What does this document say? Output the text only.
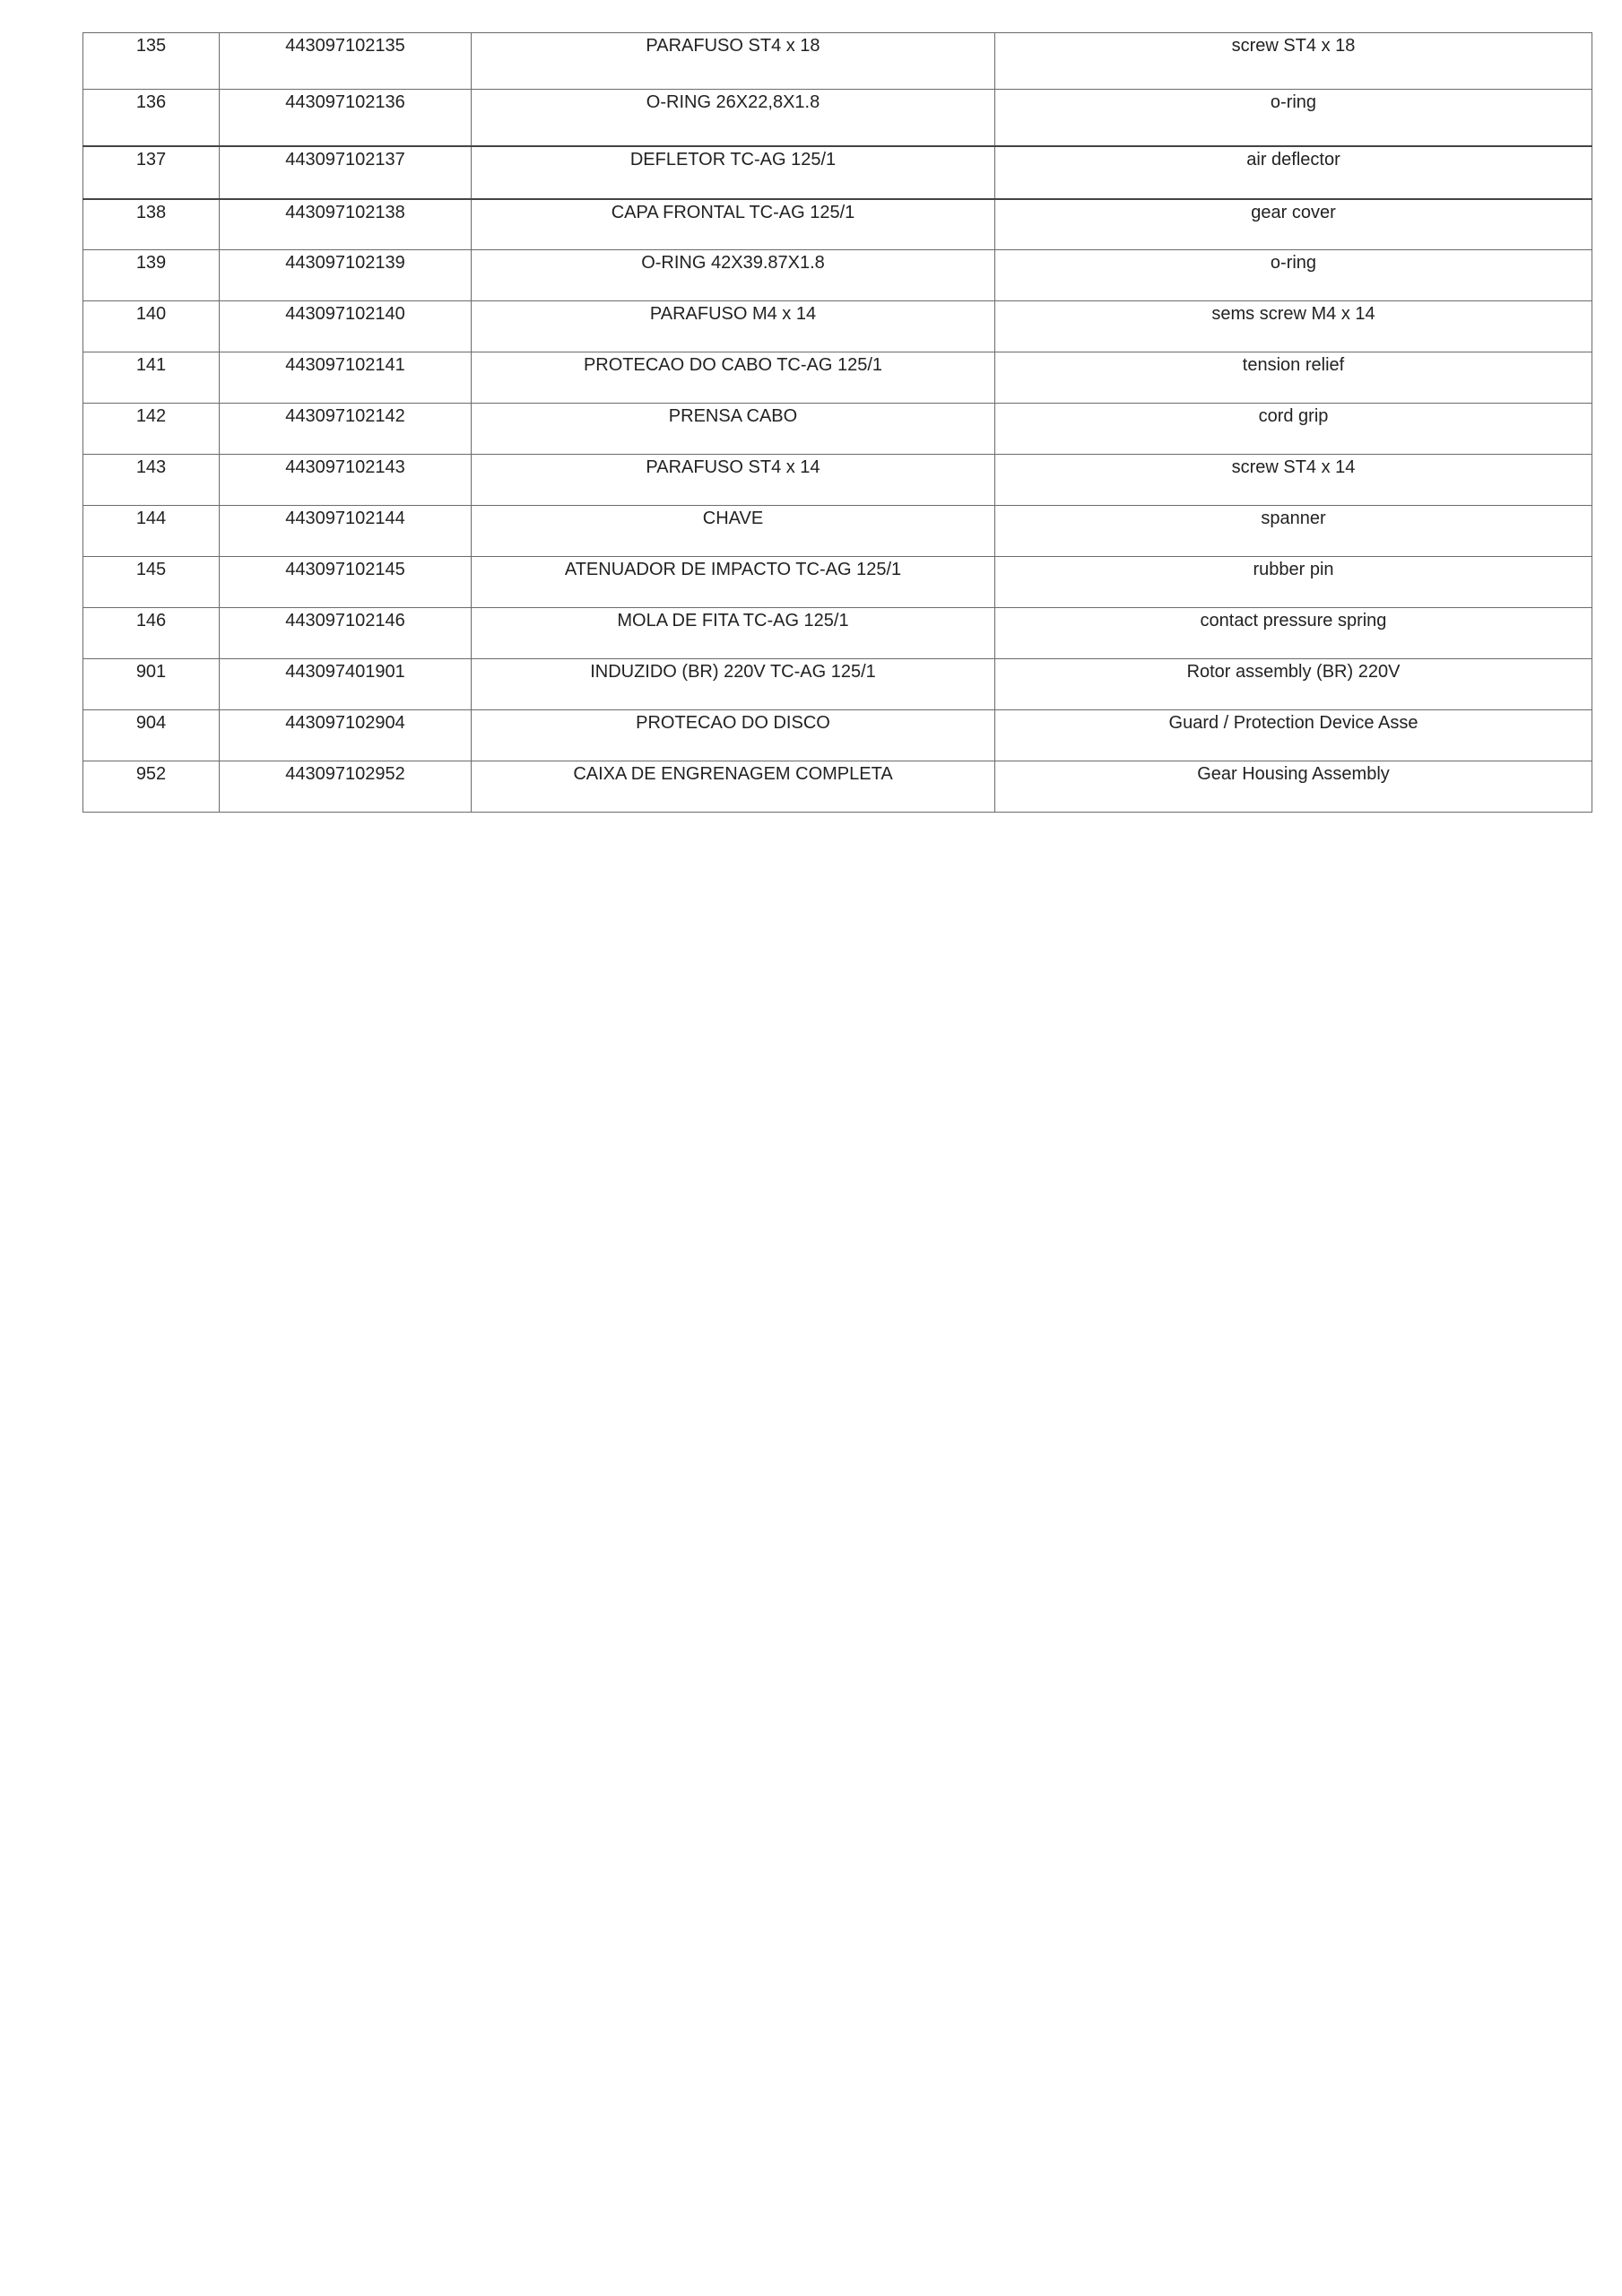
135	443097102135	PARAFUSO ST4 x 18	screw ST4 x 18
136	443097102136	O-RING 26X22,8X1.8	o-ring
137	443097102137	DEFLETOR TC-AG 125/1	air deflector
138	443097102138	CAPA FRONTAL TC-AG 125/1	gear cover
139	443097102139	O-RING 42X39.87X1.8	o-ring
140	443097102140	PARAFUSO M4 x 14	sems screw M4 x 14
141	443097102141	PROTECAO DO CABO TC-AG 125/1	tension relief
142	443097102142	PRENSA CABO	cord grip
143	443097102143	PARAFUSO ST4 x 14	screw ST4 x 14
144	443097102144	CHAVE	spanner
145	443097102145	ATENUADOR DE IMPACTO TC-AG 125/1	rubber pin
146	443097102146	MOLA DE FITA TC-AG 125/1	contact pressure spring
901	443097401901	INDUZIDO (BR) 220V TC-AG 125/1	Rotor assembly (BR) 220V
904	443097102904	PROTECAO DO DISCO	Guard / Protection Device Asse
952	443097102952	CAIXA DE ENGRENAGEM COMPLETA	Gear Housing Assembly
